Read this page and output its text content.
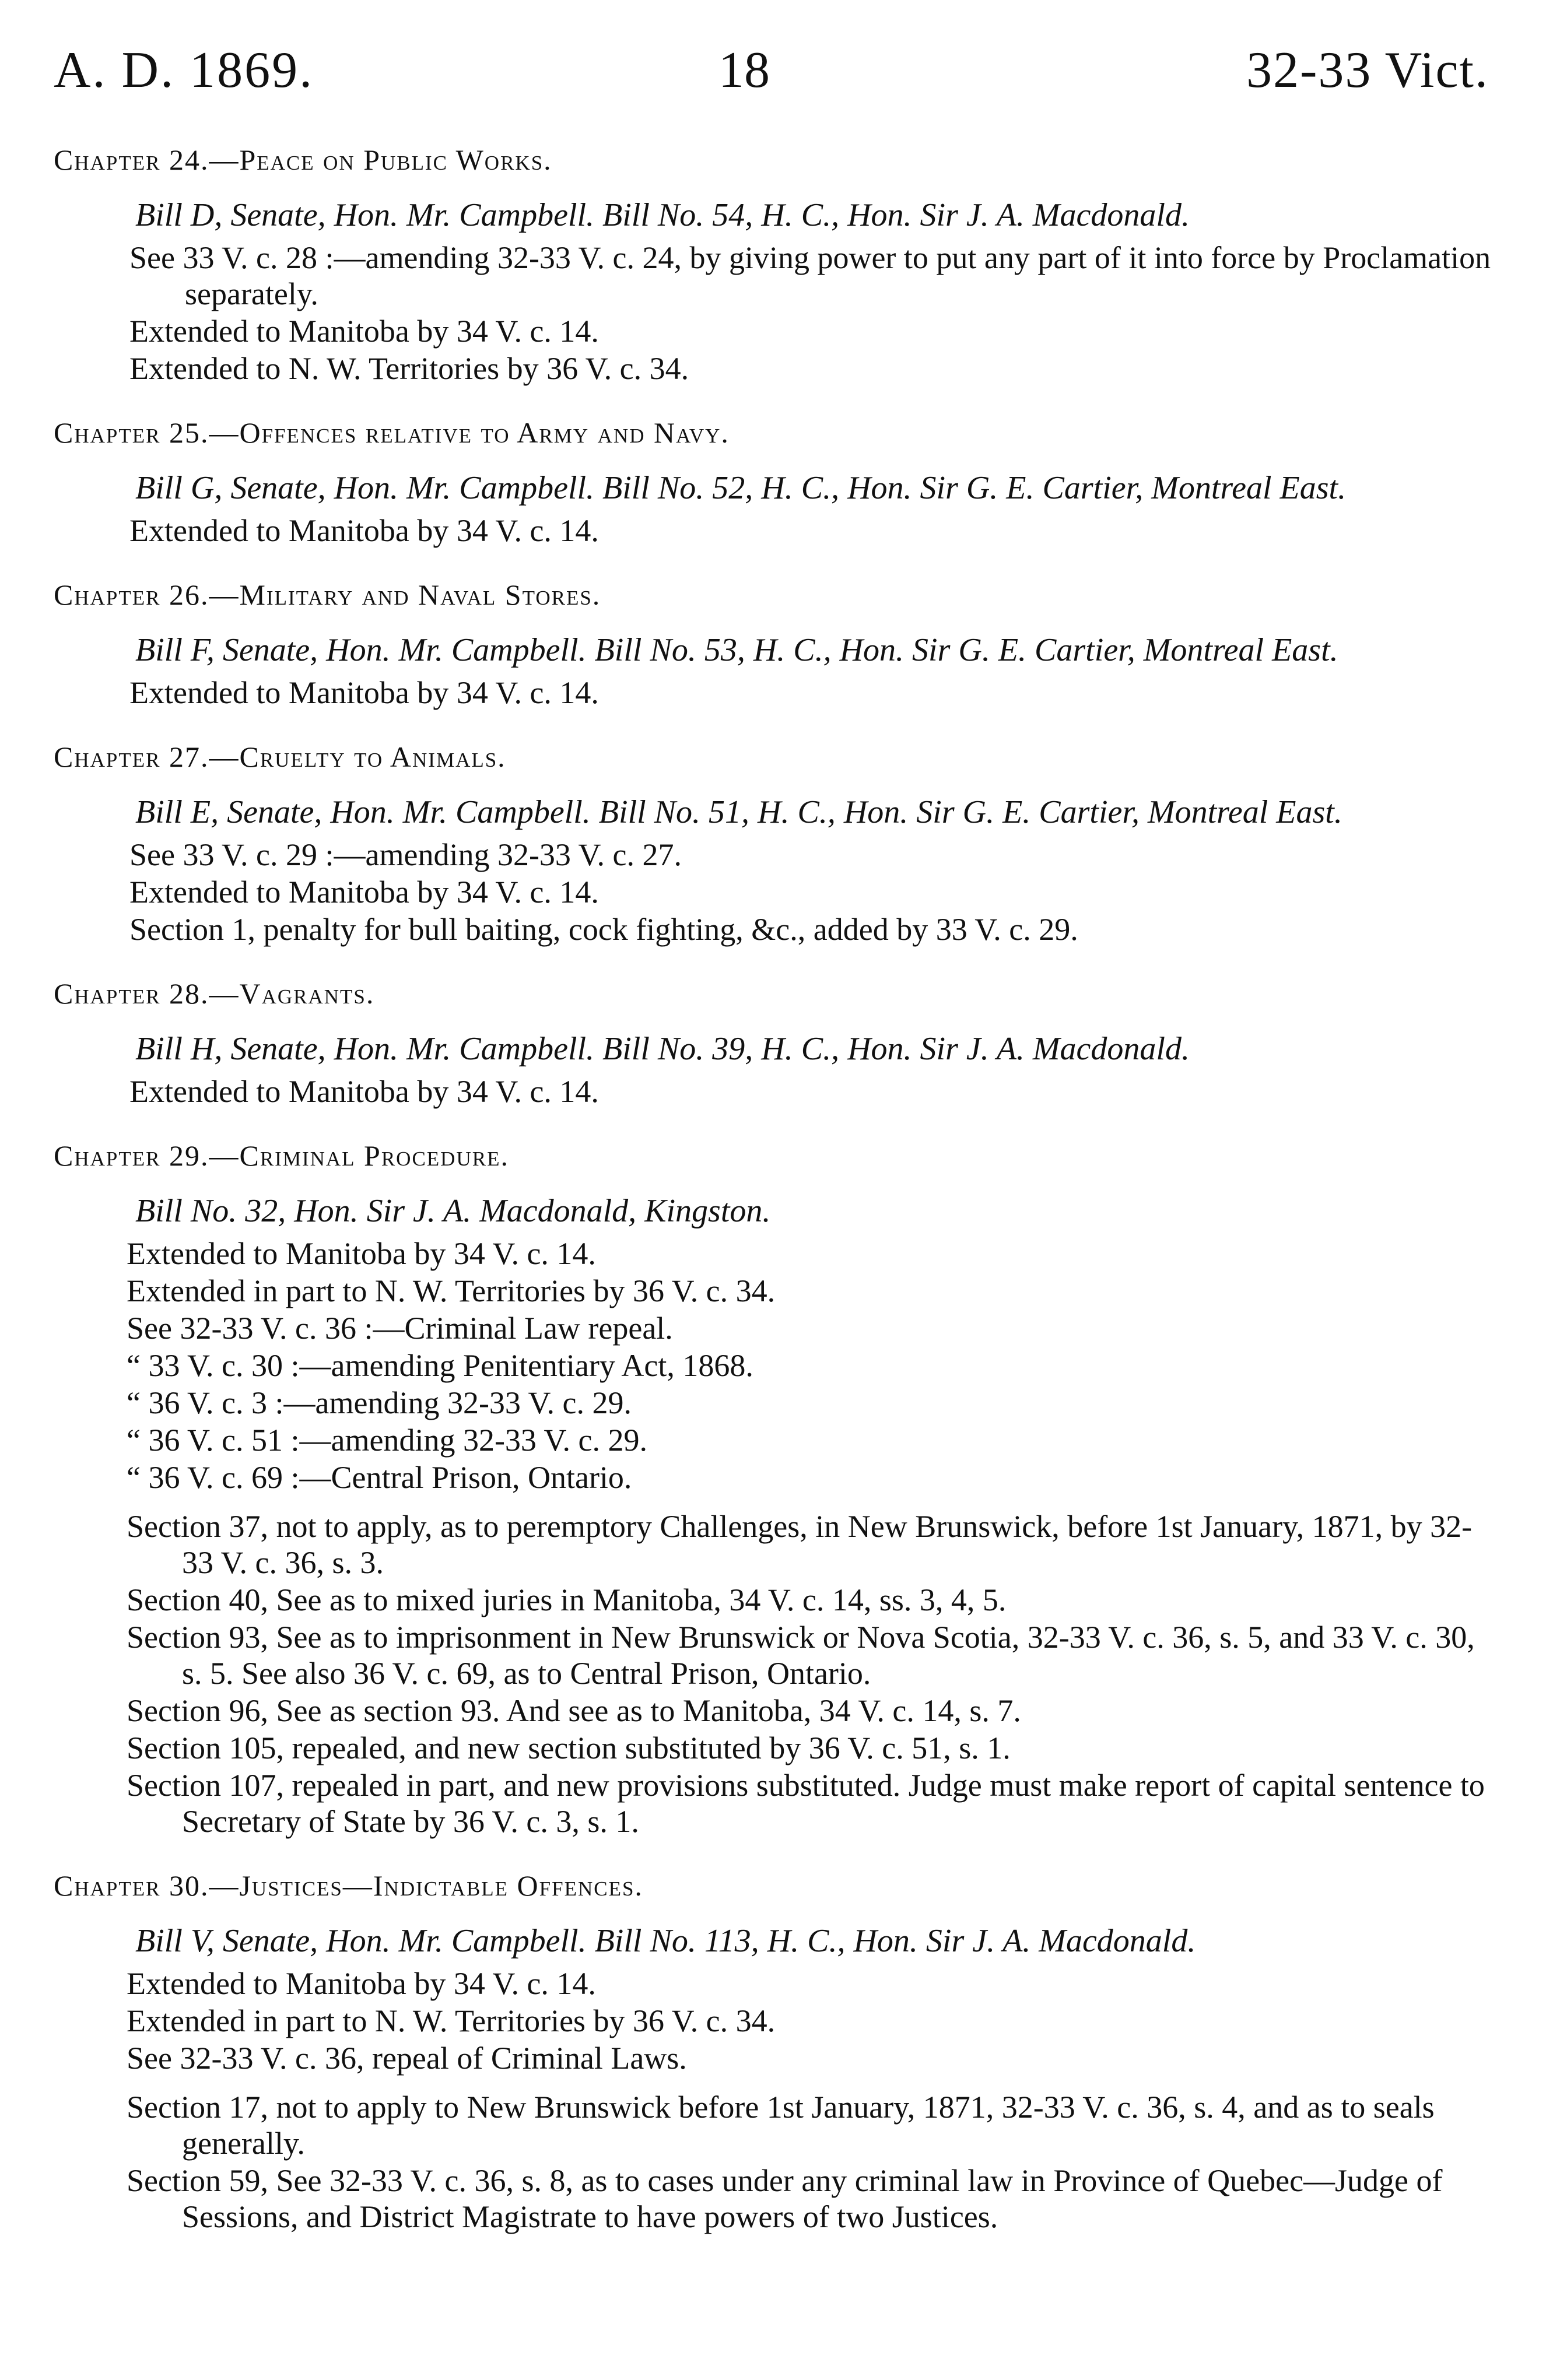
A. D. 1869.	18	32-33 Vict.
Chapter 24.—Peace on Public Works.
Bill D, Senate, Hon. Mr. Campbell. Bill No. 54, H. C., Hon. Sir J. A. Macdonald.
See 33 V. c. 28 :—amending 32-33 V. c. 24, by giving power to put any part of it into force by Proclamation separately.
Extended to Manitoba by 34 V. c. 14.
Extended to N. W. Territories by 36 V. c. 34.
Chapter 25.—Offences relative to Army and Navy.
Bill G, Senate, Hon. Mr. Campbell. Bill No. 52, H. C., Hon. Sir G. E. Cartier, Montreal East.
Extended to Manitoba by 34 V. c. 14.
Chapter 26.—Military and Naval Stores.
Bill F, Senate, Hon. Mr. Campbell. Bill No. 53, H. C., Hon. Sir G. E. Cartier, Montreal East.
Extended to Manitoba by 34 V. c. 14.
Chapter 27.—Cruelty to Animals.
Bill E, Senate, Hon. Mr. Campbell. Bill No. 51, H. C., Hon. Sir G. E. Cartier, Montreal East.
See 33 V. c. 29 :—amending 32-33 V. c. 27.
Extended to Manitoba by 34 V. c. 14.
Section 1, penalty for bull baiting, cock fighting, &c., added by 33 V. c. 29.
Chapter 28.—Vagrants.
Bill H, Senate, Hon. Mr. Campbell. Bill No. 39, H. C., Hon. Sir J. A. Macdonald.
Extended to Manitoba by 34 V. c. 14.
Chapter 29.—Criminal Procedure.
Bill No. 32, Hon. Sir J. A. Macdonald, Kingston.
Extended to Manitoba by 34 V. c. 14.
Extended in part to N. W. Territories by 36 V. c. 34.
See 32-33 V. c. 36 :—Criminal Law repeal.
“ 33 V. c. 30 :—amending Penitentiary Act, 1868.
“ 36 V. c. 3 :—amending 32-33 V. c. 29.
“ 36 V. c. 51 :—amending 32-33 V. c. 29.
“ 36 V. c. 69 :—Central Prison, Ontario.
Section 37, not to apply, as to peremptory Challenges, in New Brunswick, before 1st January, 1871, by 32-33 V. c. 36, s. 3.
Section 40, See as to mixed juries in Manitoba, 34 V. c. 14, ss. 3, 4, 5.
Section 93, See as to imprisonment in New Brunswick or Nova Scotia, 32-33 V. c. 36, s. 5, and 33 V. c. 30, s. 5. See also 36 V. c. 69, as to Central Prison, Ontario.
Section 96, See as section 93. And see as to Manitoba, 34 V. c. 14, s. 7.
Section 105, repealed, and new section substituted by 36 V. c. 51, s. 1.
Section 107, repealed in part, and new provisions substituted. Judge must make report of capital sentence to Secretary of State by 36 V. c. 3, s. 1.
Chapter 30.—Justices—Indictable Offences.
Bill V, Senate, Hon. Mr. Campbell. Bill No. 113, H. C., Hon. Sir J. A. Macdonald.
Extended to Manitoba by 34 V. c. 14.
Extended in part to N. W. Territories by 36 V. c. 34.
See 32-33 V. c. 36, repeal of Criminal Laws.
Section 17, not to apply to New Brunswick before 1st January, 1871, 32-33 V. c. 36, s. 4, and as to seals generally.
Section 59, See 32-33 V. c. 36, s. 8, as to cases under any criminal law in Province of Quebec—Judge of Sessions, and District Magistrate to have powers of two Justices.
